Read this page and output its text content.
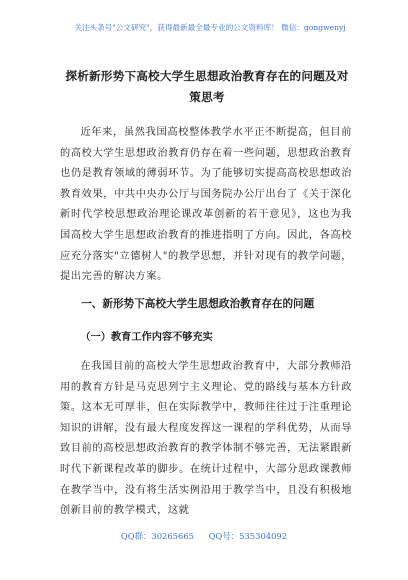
关注头条号"公文研究"，获得最新最全最专业的公文资料库！ 微信：gongwenyj
探析新形势下高校大学生思想政治教育存在的问题及对策思考
近年来，虽然我国高校整体教学水平正不断提高，但目前的高校大学生思想政治教育仍存在着一些问题，思想政治教育也仍是教育领域的薄弱环节。为了能够切实提高高校思想政治教育效果，中共中央办公厅与国务院办公厅出台了《关于深化新时代学校思想政治理论课改革创新的若干意见》，这也为我国高校大学生思想政治教育的推进指明了方向。因此，各高校应充分落实"立德树人"的教学思想，并针对现有的教学问题，提出完善的解决方案。
一、新形势下高校大学生思想政治教育存在的问题
（一）教育工作内容不够充实
在我国目前的高校大学生思想政治教育中，大部分教师沿用的教育方针是马克思列宁主义理论、党的路线与基本方针政策。这本无可厚非，但在实际教学中，教师往往过于注重理论知识的讲解，没有最大程度发挥这一课程的学科优势，从而导致目前的高校思想政治教育的教学体制不够完善，无法紧跟新时代下新课程改革的脚步。在统计过程中，大部分思政课教师在教学当中，没有将生活实例沿用于教学当中，且没有积极地创新目前的教学模式，这就
QQ群：30265665 QQ号：535304092
